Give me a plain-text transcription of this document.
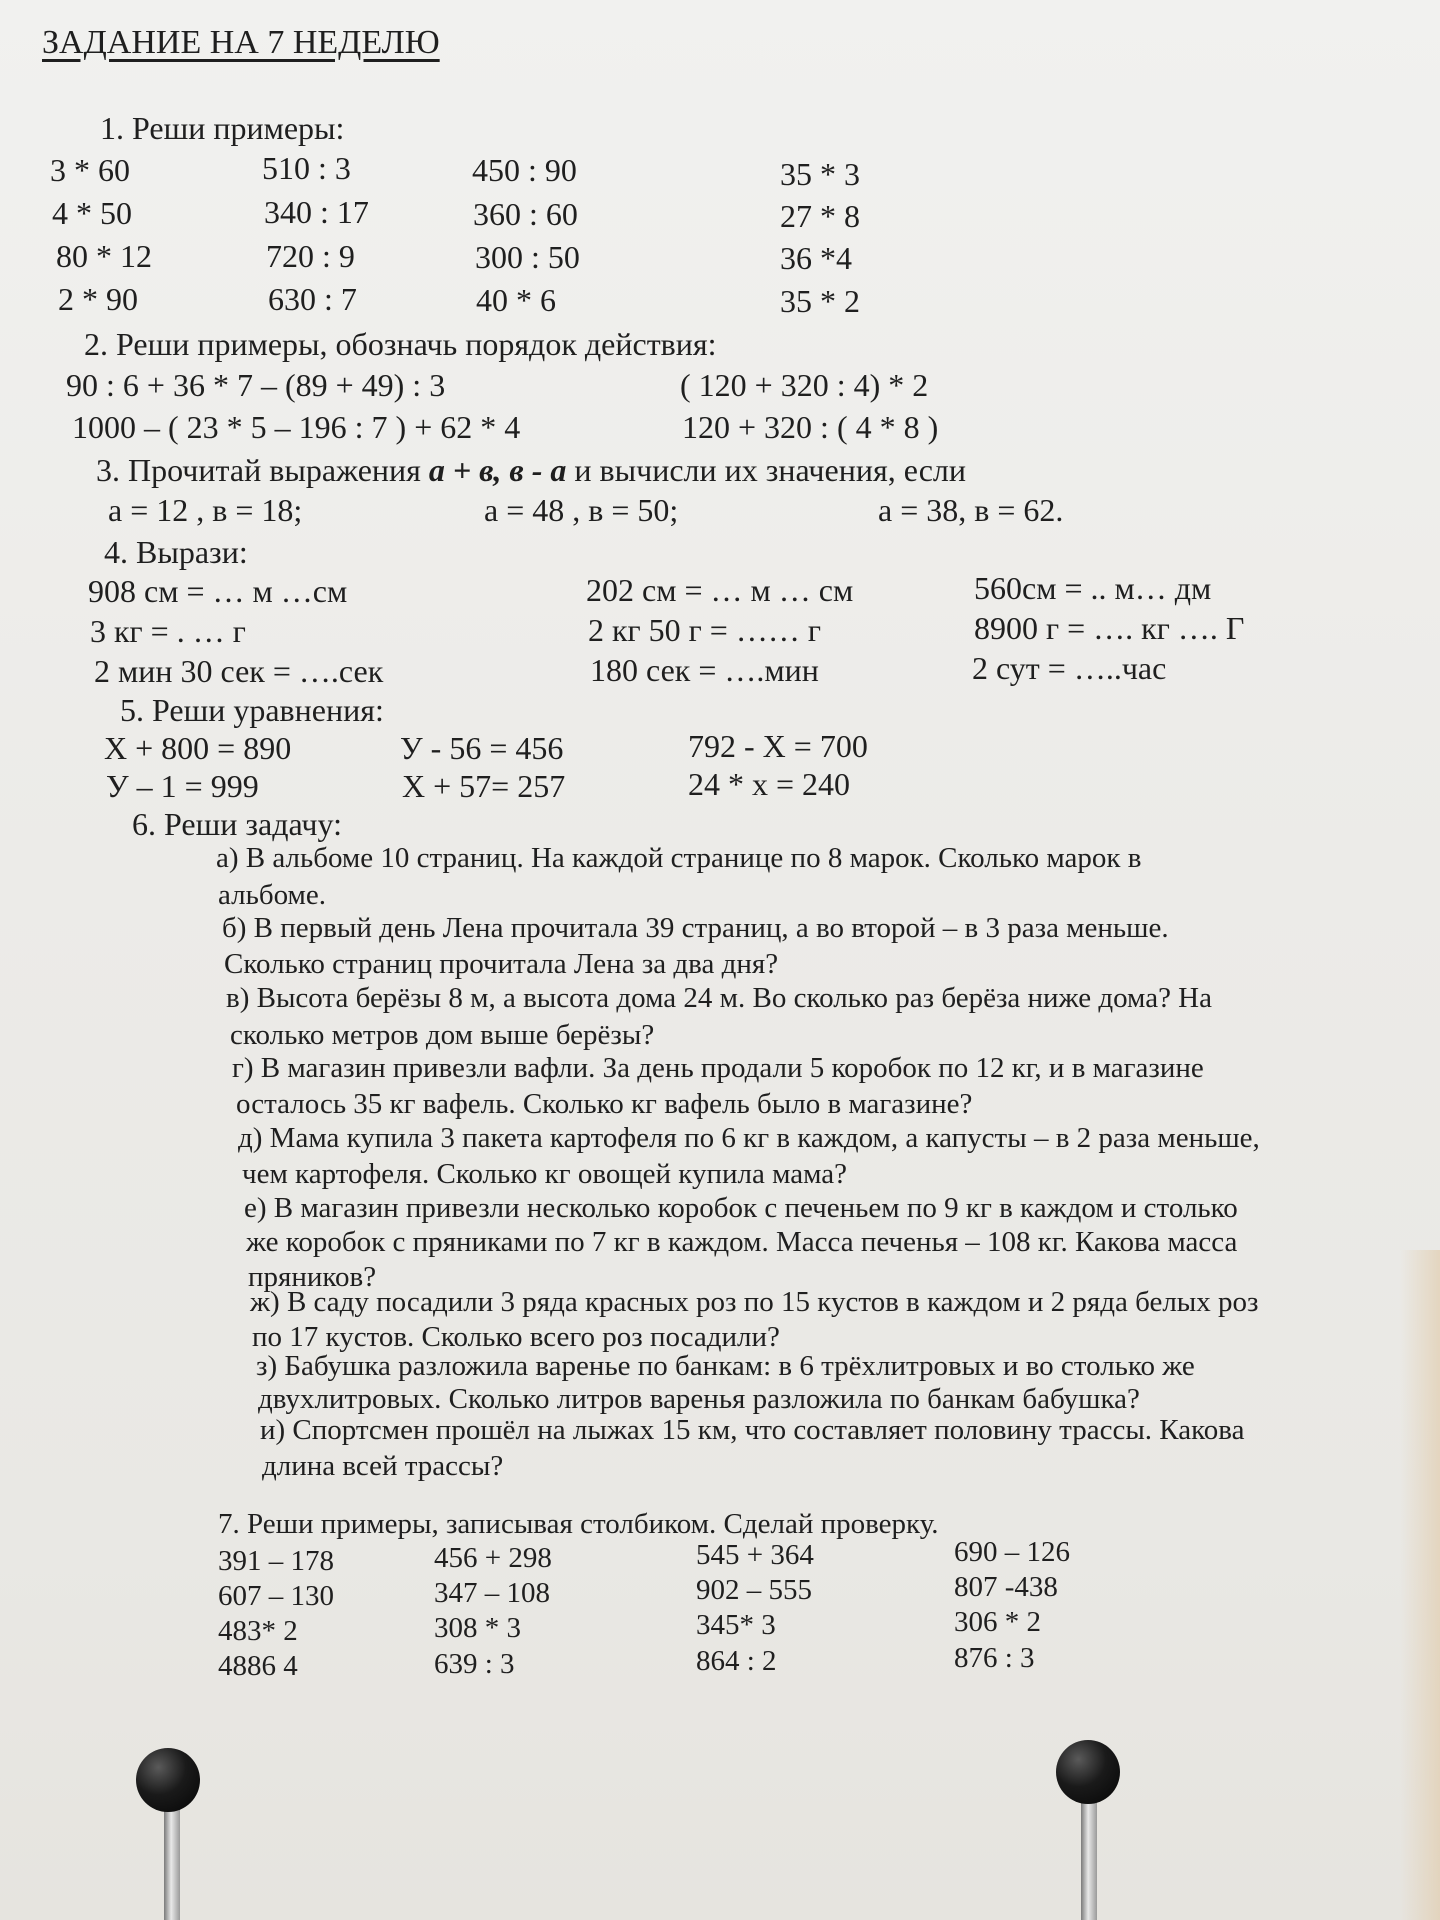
ЗАДАНИЕ НА 7 НЕДЕЛЮ
1. Реши примеры:
3 * 60
4 * 50
80 * 12
2 * 90
510 : 3
340 : 17
720 : 9
630 : 7
450 : 90
360 : 60
300 : 50
40 * 6
35 * 3
27 * 8
36 *4
35 * 2
2. Реши примеры, обозначь порядок действия:
90 : 6 + 36 * 7 – (89 + 49) : 3
1000 – ( 23 * 5 – 196 : 7 ) + 62 * 4
( 120 + 320 : 4) * 2
120 + 320 : ( 4 * 8 )
3. Прочитай выражения а + в, в - а и вычисли их значения, если
а = 12 , в = 18;	а = 48 , в = 50;	а = 38, в = 62.
4. Вырази:
908 см = … м …см
3 кг = . … г
2 мин 30 сек = ….сек
202 см = … м … см
2 кг 50 г = …… г
180 сек = ….мин
560см = .. м… дм
8900 г = …. кг …. Г
2 сут = …..час
5. Реши уравнения:
Х + 800 = 890
У – 1 = 999
У - 56 = 456
Х + 57= 257
792 - Х = 700
24 * х = 240
6. Реши задачу:
а) В альбоме 10 страниц. На каждой странице по 8 марок. Сколько марок в
альбоме.
б) В первый день Лена прочитала 39 страниц, а во второй – в 3 раза меньше.
Сколько страниц прочитала Лена за два дня?
в) Высота берёзы 8 м, а высота дома 24 м. Во сколько раз берёза ниже дома? На
сколько метров дом выше берёзы?
г) В магазин привезли вафли. За день продали 5 коробок по 12 кг, и в магазине
осталось 35 кг вафель. Сколько кг вафель было в магазине?
д) Мама купила 3 пакета картофеля по 6 кг в каждом, а капусты – в 2 раза меньше,
чем картофеля. Сколько кг овощей купила мама?
е) В магазин привезли несколько коробок с печеньем по 9 кг в каждом и столько
же коробок с пряниками по 7 кг в каждом. Масса печенья – 108 кг. Какова масса
пряников?
ж) В саду посадили 3 ряда красных роз по 15 кустов в каждом и 2 ряда белых роз
по 17 кустов. Сколько всего роз посадили?
з) Бабушка разложила варенье по банкам: в 6 трёхлитровых и во столько же
двухлитровых. Сколько литров варенья разложила по банкам бабушка?
и) Спортсмен прошёл на лыжах 15 км, что составляет половину трассы. Какова
длина всей трассы?
7. Реши примеры, записывая столбиком. Сделай проверку.
391 – 178
607 – 130
483* 2
4886 4
456 + 298
347 – 108
308 * 3
639 : 3
545 + 364
902 – 555
345* 3
864 : 2
690 – 126
807 -438
306 * 2
876 : 3
